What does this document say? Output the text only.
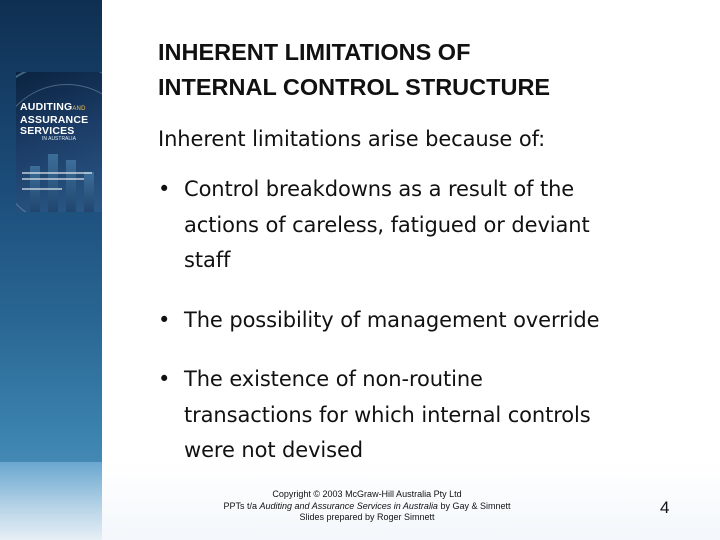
AUDITINGAND
ASSURANCE
SERVICES
IN AUSTRALIA
INHERENT LIMITATIONS OF
INTERNAL CONTROL STRUCTURE
Inherent limitations arise because of:
• Control breakdowns as a result of the
actions of careless, fatigued or deviant
staff
• The possibility of management override
• The existence of non-routine
transactions for which internal controls
were not devised
Copyright © 2003 McGraw-Hill Australia Pty Ltd
PPTs t/a Auditing and Assurance Services in Australia by Gay & Simnett
Slides prepared by Roger Simnett	4
